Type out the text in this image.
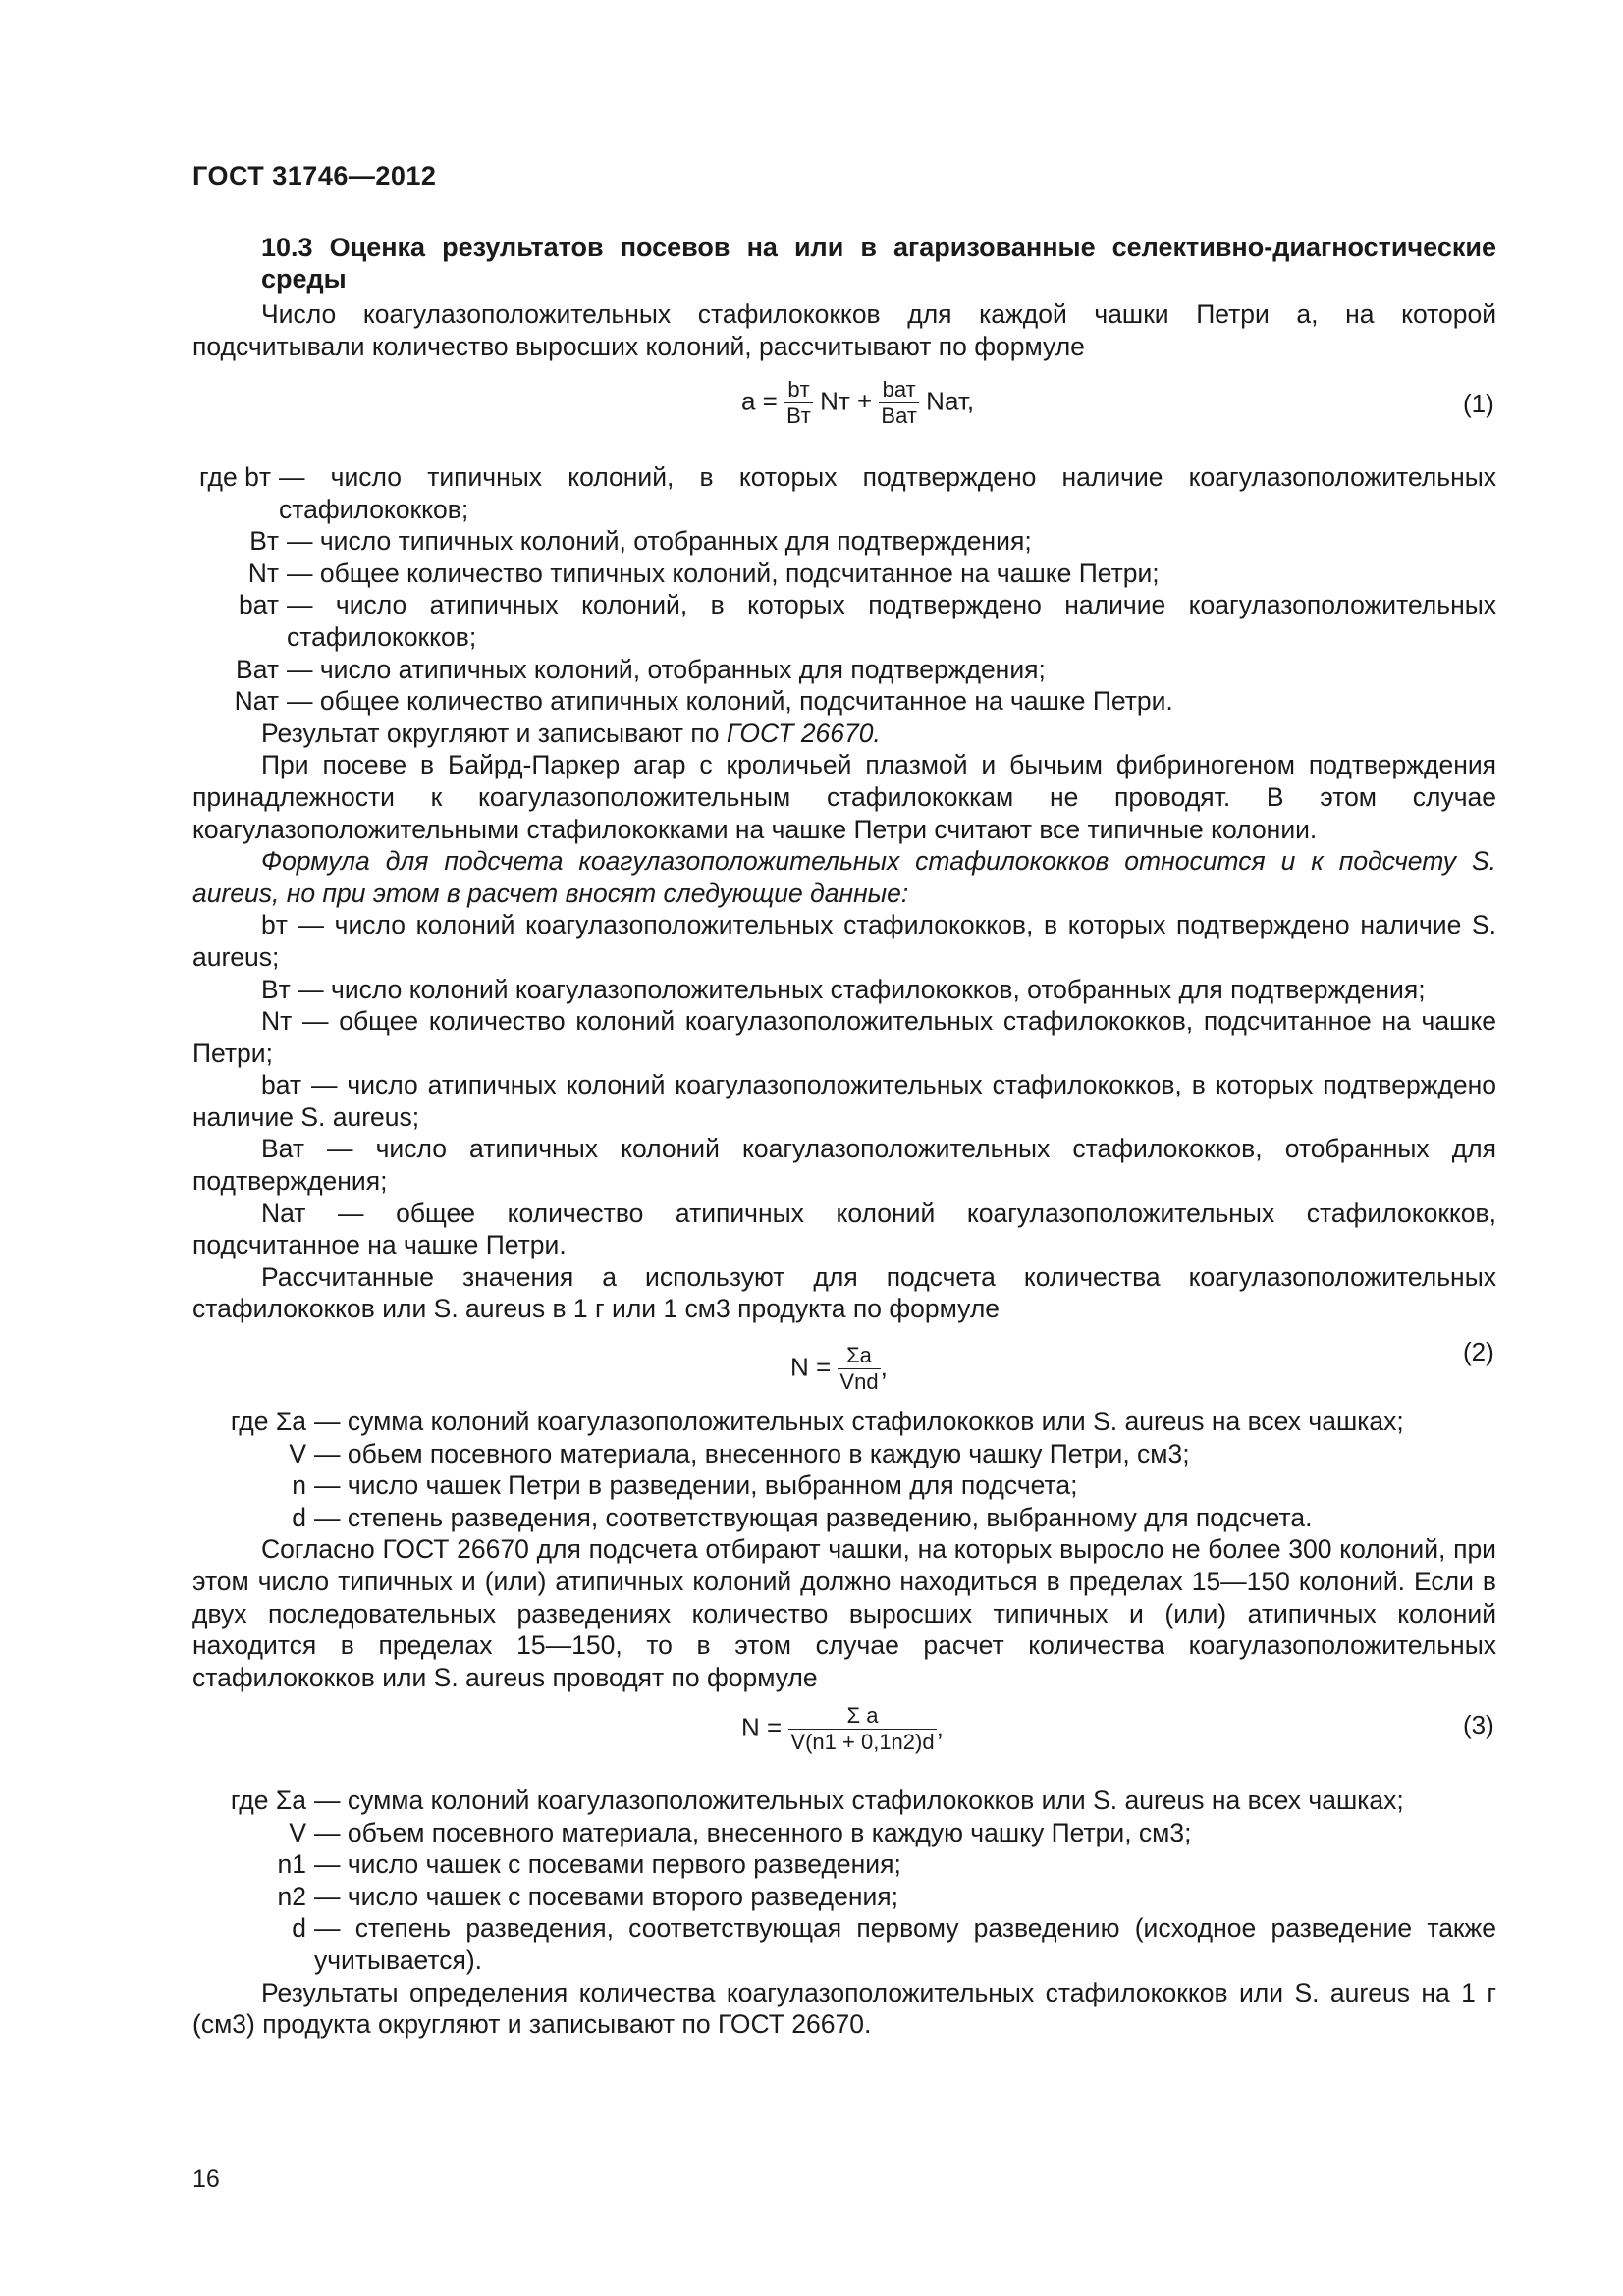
ГОСТ 31746—2012
10.3 Оценка результатов посевов на или в агаризованные селективно-диагностические среды

Число коагулазоположительных стафилококков для каждой чашки Петри a, на которой подсчитывали количество выросших колоний, рассчитывают по формуле

$a = \frac{bт}{Bт}$ Nт + $\frac{\text{bат}}{\text{Bат}}$ Nат,	(1)
где bт — число типичных колоний, в которых подтверждено наличие коагулазоположительных стафилококков;
Bт — число типичных колоний, отобранных для подтверждения;
Nт — общее количество типичных колоний, подсчитанное на чашке Петри;
bат — число атипичных колоний, в которых подтверждено наличие коагулазоположительных стафилококков;
Bат — число атипичных колоний, отобранных для подтверждения;
Nат — общее количество атипичных колоний, подсчитанное на чашке Петри.

Результат округляют и записывают по ГОСТ 26670.

При посеве в Байрд-Паркер агар с кроличьей плазмой и бычьим фибриногеном подтверждения принадлежности к коагулазоположительным стафилококкам не проводят. В этом случае коагулазоположительными стафилококками на чашке Петри считают все типичные колонии.

Формула для подсчета коагулазоположительных стафилококков относится и к подсчету S. aureus, но при этом в расчет вносят следующие данные:

bт — число колоний коагулазоположительных стафилококков, в которых подтверждено наличие S. aureus;

Bт — число колоний коагулазоположительных стафилококков, отобранных для подтверждения;

Nт — общее количество колоний коагулазоположительных стафилококков, подсчитанное на чашке Петри;

bат — число атипичных колоний коагулазоположительных стафилококков, в которых подтверждено наличие S. aureus;

Bат — число атипичных колоний коагулазоположительных стафилококков, отобранных для подтверждения;

Nат — общее количество атипичных колоний коагулазоположительных стафилококков, подсчитанное на чашке Петри.

Рассчитанные значения a используют для подсчета количества коагулазоположительных стафилококков или S. aureus в 1 г или 1 см3 продукта по формуле

$N = \frac{\Sigma a}{\text{Vnd}}$ ,
(2)
где Σa — сумма колоний коагулазоположительных стафилококков или S. aureus на всех чашках;
V — обьем посевного материала, внесенного в каждую чашку Петри, см3;
n — число чашек Петри в разведении, выбранном для подсчета;
d — степень разведения, соответствующая разведению, выбранному для подсчета.

Согласно ГОСТ 26670 для подсчета отбирают чашки, на которых выросло не более 300 колоний, при этом число типичных и (или) атипичных колоний должно находиться в пределах 15—150 колоний. Если в двух последовательных разведениях количество выросших типичных и (или) атипичных колоний находится в пределах 15—150, то в этом случае расчет количества коагулазоположительных стафилококков или S. aureus проводят по формуле

$N = \frac{\text{Σ a}}{V(n1 + 0,1n2)d}$ ,	(3)
где Σa — сумма колоний коагулазоположительных стафилококков или S. aureus на всех чашках;
V — объем посевного материала, внесенного в каждую чашку Петри, см3;
n1 — число чашек с посевами первого разведения;
n2 — число чашек с посевами второго разведения;
d — степень разведения, соответствующая первому разведению (исходное разведение также учитывается).

Результаты определения количества коагулазоположительных стафилококков или S. aureus на 1 г (см3) продукта округляют и записывают по ГОСТ 26670.

16
